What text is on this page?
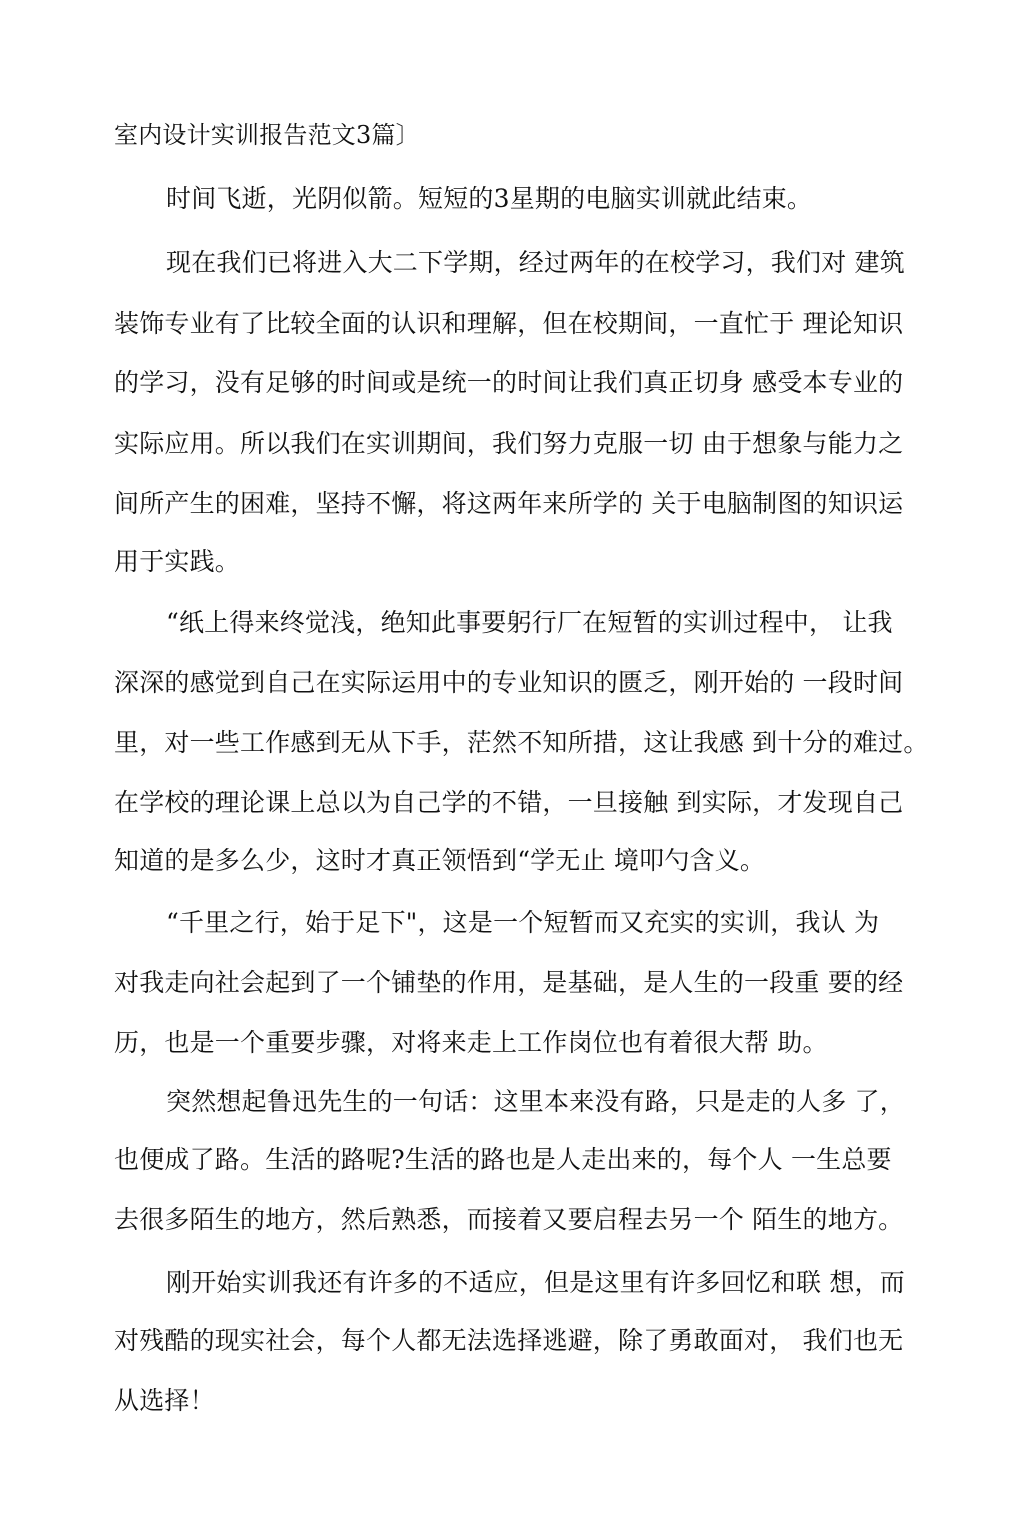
室内设计实训报告范文3篇〕

时间飞逝，光阴似箭。短短的3星期的电脑实训就此结束。

现在我们已将进入大二下学期，经过两年的在校学习，我们对 建筑

装饰专业有了比较全面的认识和理解，但在校期间，一直忙于 理论知识

的学习，没有足够的时间或是统一的时间让我们真正切身 感受本专业的

实际应用。所以我们在实训期间，我们努力克服一切 由于想象与能力之

间所产生的困难，坚持不懈，将这两年来所学的 关于电脑制图的知识运

用于实践。

“纸上得来终觉浅，绝知此事要躬行厂在短暂的实训过程中， 让我

深深的感觉到自己在实际运用中的专业知识的匮乏，刚开始的 一段时间

里，对一些工作感到无从下手，茫然不知所措，这让我感 到十分的难过。

在学校的理论课上总以为自己学的不错，一旦接触 到实际，才发现自己

知道的是多么少，这时才真正领悟到“学无止 境叩勺含义。

“千里之行，始于足下"，这是一个短暂而又充实的实训，我认 为

对我走向社会起到了一个铺垫的作用，是基础，是人生的一段重 要的经

历，也是一个重要步骤，对将来走上工作岗位也有着很大帮 助。

突然想起鲁迅先生的一句话：这里本来没有路，只是走的人多 了，

也便成了路。生活的路呢?生活的路也是人走出来的，每个人 一生总要

去很多陌生的地方，然后熟悉，而接着又要启程去另一个 陌生的地方。

刚开始实训我还有许多的不适应，但是这里有许多回忆和联 想，而

对残酷的现实社会，每个人都无法选择逃避，除了勇敢面对， 我们也无

从选择！
